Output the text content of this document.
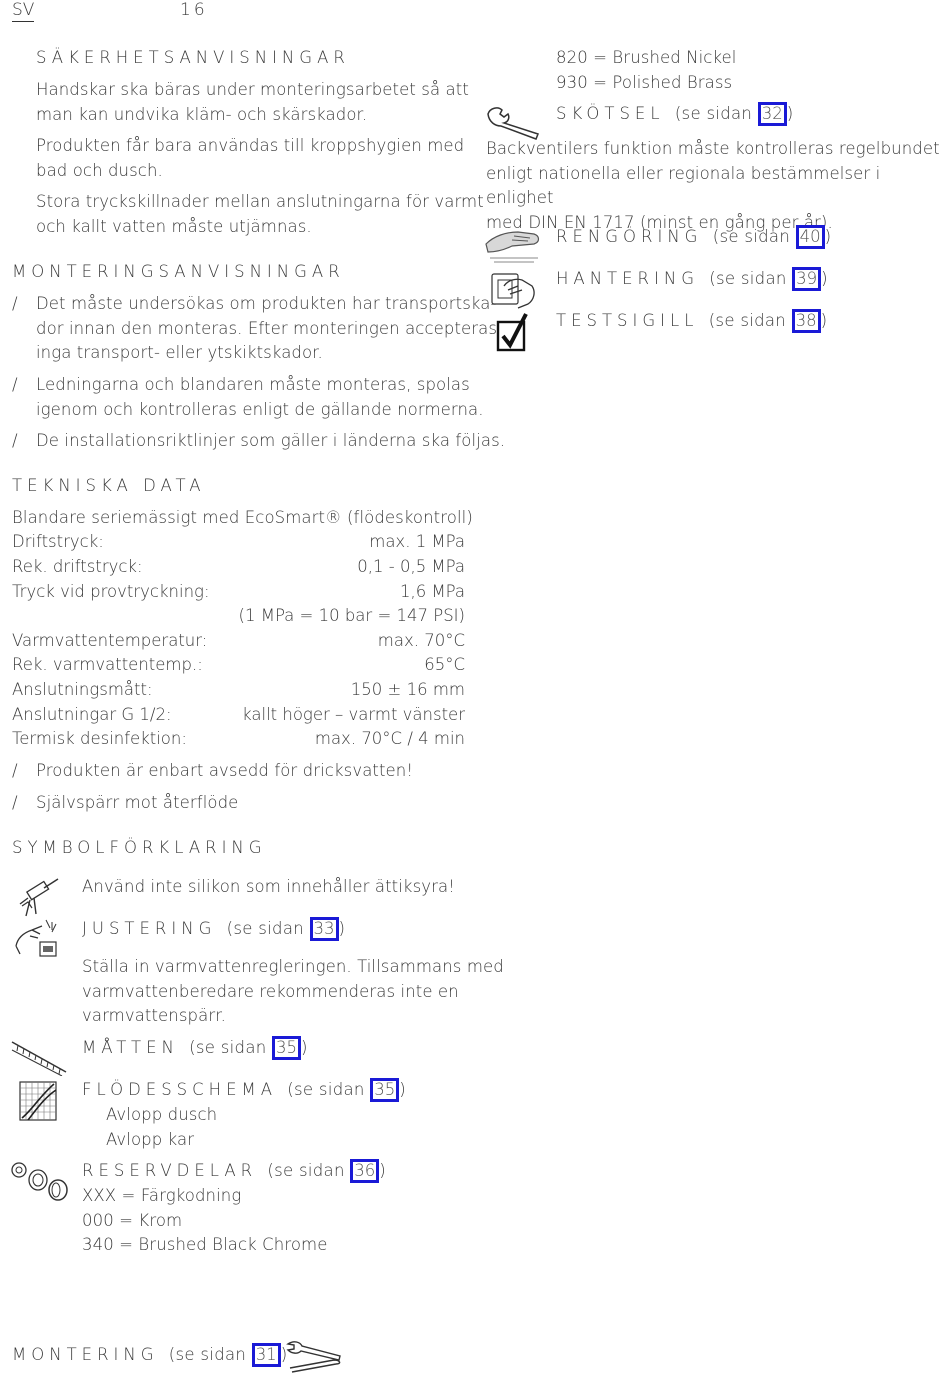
SV	16
SÄKERHETSANVISNINGAR
Handskar ska bäras under monteringsarbetet så att
man kan undvika kläm- och skärskador.
Produkten får bara användas till kroppshygien med
bad och dusch.
Stora tryckskillnader mellan anslutningarna för varmt
och kallt vatten måste utjämnas.
MONTERINGSANVISNINGAR
/ Det måste undersökas om produkten har transportska-
dor innan den monteras. Efter monteringen accepteras
inga transport- eller ytskiktskador.
/ Ledningarna och blandaren måste monteras, spolas
igenom och kontrolleras enligt de gällande normerna.
/ De installationsriktlinjer som gäller i länderna ska följas.
TEKNISKA DATA
Blandare seriemässigt med EcoSmart® (flödeskontroll)
Driftstryck:	max. 1 MPa
Rek. driftstryck:	0,1 - 0,5 MPa
Tryck vid provtryckning:	1,6 MPa
(1 MPa = 10 bar = 147 PSI)
Varmvattentemperatur:	max. 70°C
Rek. varmvattentemp.:	65°C
Anslutningsmått:	150 ± 16 mm
Anslutningar G 1/2:	kallt höger – varmt vänster
Termisk desinfektion:	max. 70°C / 4 min
/ Produkten är enbart avsedd för dricksvatten!
/ Självspärr mot återflöde
SYMBOLFÖRKLARING
Använd inte silikon som innehåller ättiksyra!
JUSTERING (se sidan 33 )
Ställa in varmvattenregleringen. Tillsammans med
varmvattenberedare rekommenderas inte en
varmvattenspärr.
MÅTTEN (se sidan 35 )
FLÖDESSCHEMA (se sidan 35 )
Avlopp dusch
Avlopp kar
RESERVDELAR (se sidan 36 )
XXX = Färgkodning
000 = Krom
340 = Brushed Black Chrome
MONTERING (se sidan 31 )
820 = Brushed Nickel
930 = Polished Brass
SKÖTSEL (se sidan 32 )
Backventilers funktion måste kontrolleras regelbundet
enligt nationella eller regionala bestämmelser i enlighet
med DIN EN 1717 (minst en gång per år).
RENGÖRING (se sidan 40 )
HANTERING (se sidan 39 )
TESTSIGILL (se sidan 38 )
